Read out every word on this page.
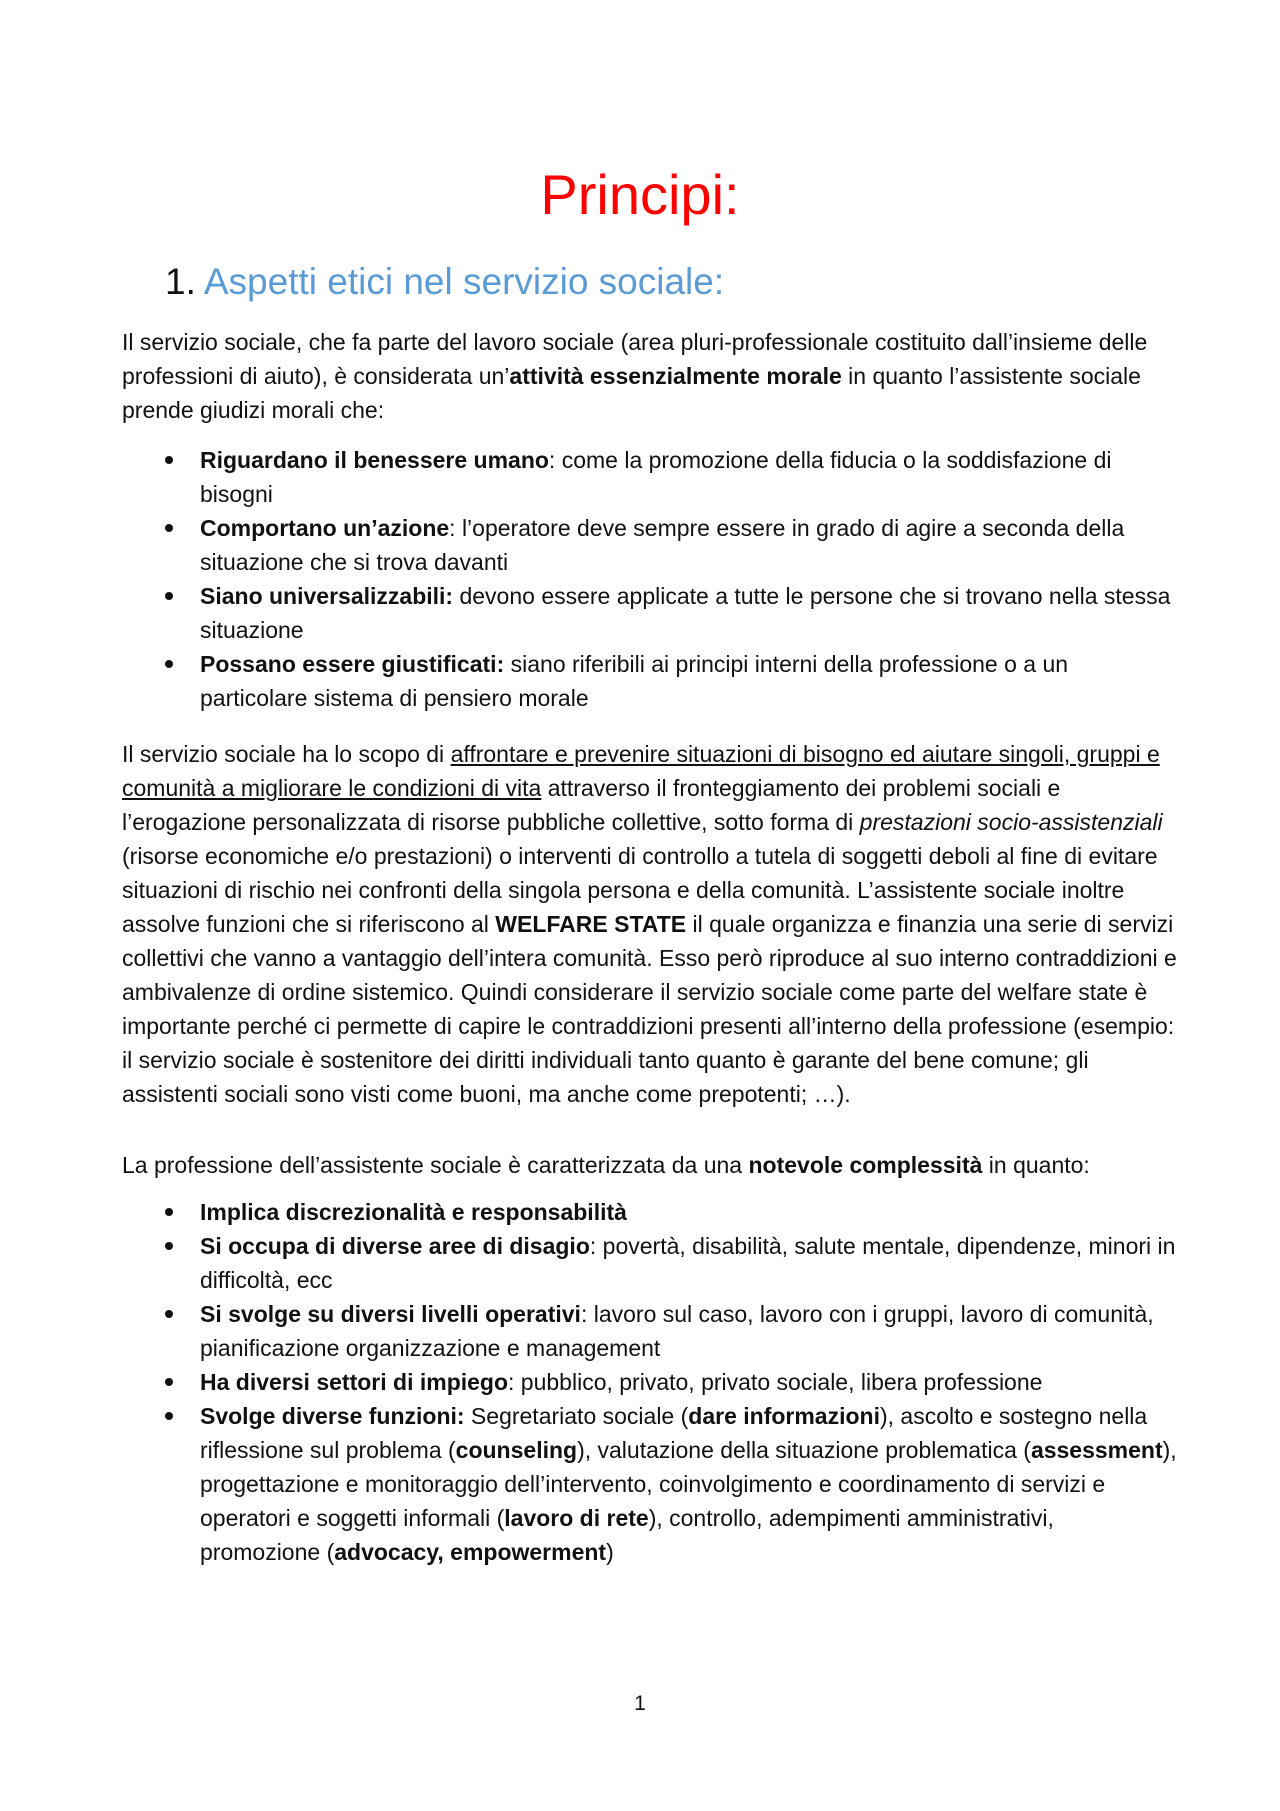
Principi:
1. Aspetti etici nel servizio sociale:

Il servizio sociale, che fa parte del lavoro sociale (area pluri-professionale costituito dall’insieme delle professioni di aiuto), è considerata un’attività essenzialmente morale in quanto l’assistente sociale prende giudizi morali che:

Riguardano il benessere umano: come la promozione della fiducia o la soddisfazione di bisogni
Comportano un’azione: l’operatore deve sempre essere in grado di agire a seconda della situazione che si trova davanti
Siano universalizzabili: devono essere applicate a tutte le persone che si trovano nella stessa situazione
Possano essere giustificati: siano riferibili ai principi interni della professione o a un particolare sistema di pensiero morale

Il servizio sociale ha lo scopo di affrontare e prevenire situazioni di bisogno ed aiutare singoli, gruppi e comunità a migliorare le condizioni di vita attraverso il fronteggiamento dei problemi sociali e l’erogazione personalizzata di risorse pubbliche collettive, sotto forma di prestazioni socio-assistenziali (risorse economiche e/o prestazioni) o interventi di controllo a tutela di soggetti deboli al fine di evitare situazioni di rischio nei confronti della singola persona e della comunità. L’assistente sociale inoltre assolve funzioni che si riferiscono al WELFARE STATE il quale organizza e finanzia una serie di servizi collettivi che vanno a vantaggio dell’intera comunità. Esso però riproduce al suo interno contraddizioni e ambivalenze di ordine sistemico. Quindi considerare il servizio sociale come parte del welfare state è importante perché ci permette di capire le contraddizioni presenti all’interno della professione (esempio: il servizio sociale è sostenitore dei diritti individuali tanto quanto è garante del bene comune; gli assistenti sociali sono visti come buoni, ma anche come prepotenti; …).

La professione dell’assistente sociale è caratterizzata da una notevole complessità in quanto:

Implica discrezionalità e responsabilità
Si occupa di diverse aree di disagio: povertà, disabilità, salute mentale, dipendenze, minori in difficoltà, ecc
Si svolge su diversi livelli operativi: lavoro sul caso, lavoro con i gruppi, lavoro di comunità, pianificazione organizzazione e management
Ha diversi settori di impiego: pubblico, privato, privato sociale, libera professione
Svolge diverse funzioni: Segretariato sociale (dare informazioni), ascolto e sostegno nella riflessione sul problema (counseling), valutazione della situazione problematica (assessment), progettazione e monitoraggio dell’intervento, coinvolgimento e coordinamento di servizi e operatori e soggetti informali (lavoro di rete), controllo, adempimenti amministrativi, promozione (advocacy, empowerment)
1
